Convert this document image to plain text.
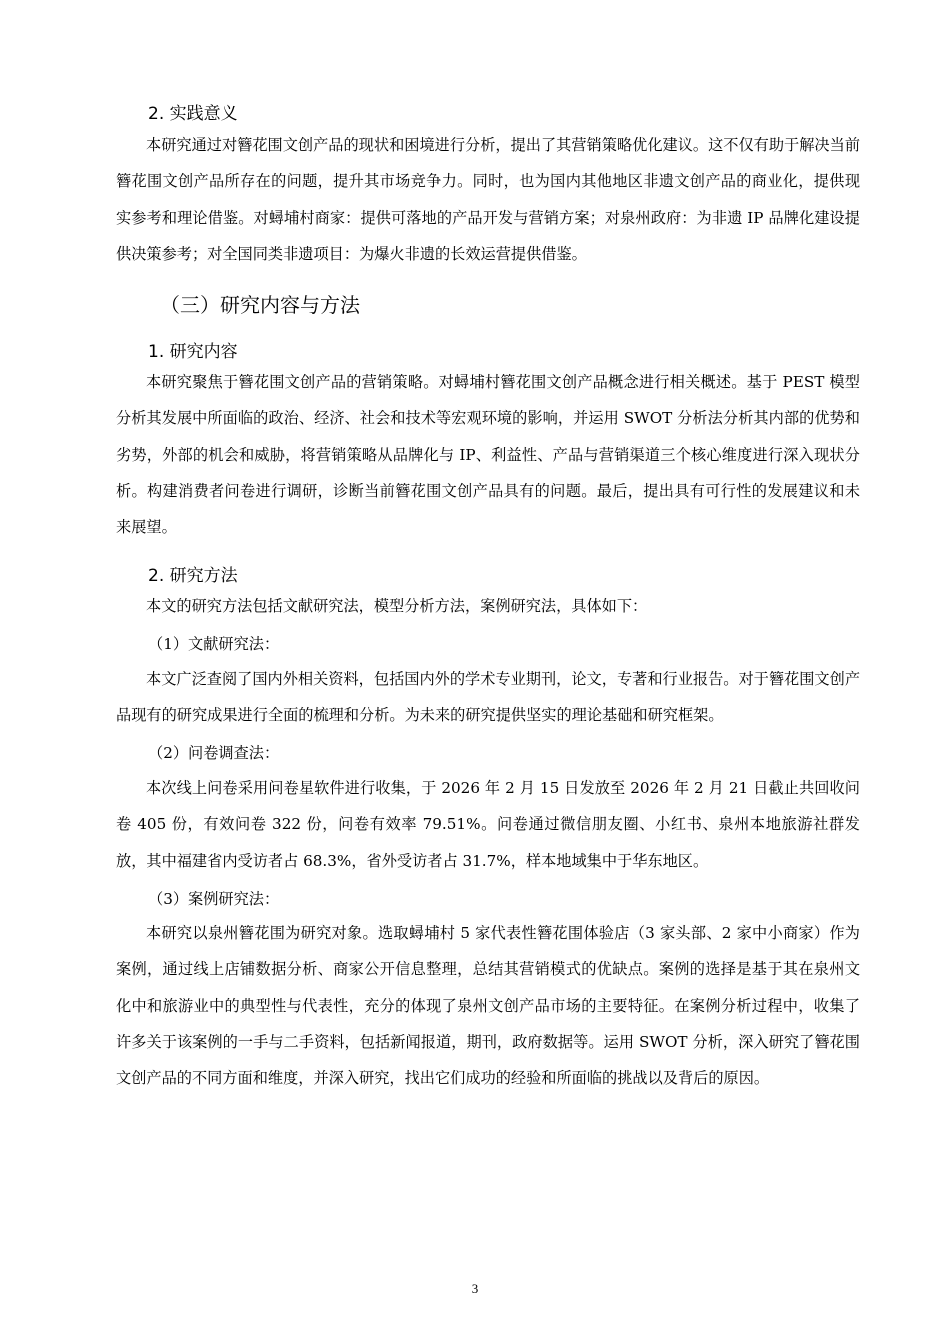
2. 实践意义

本研究通过对簪花围文创产品的现状和困境进行分析，提出了其营销策略优化建议。这不仅有助于解决当前簪花围文创产品所存在的问题，提升其市场竞争力。同时，也为国内其他地区非遗文创产品的商业化，提供现实参考和理论借鉴。对蟳埔村商家：提供可落地的产品开发与营销方案；对泉州政府：为非遗 IP 品牌化建设提供决策参考；对全国同类非遗项目：为爆火非遗的长效运营提供借鉴。

（三）研究内容与方法
1. 研究内容

本研究聚焦于簪花围文创产品的营销策略。对蟳埔村簪花围文创产品概念进行相关概述。基于 PEST 模型分析其发展中所面临的政治、经济、社会和技术等宏观环境的影响，并运用 SWOT 分析法分析其内部的优势和劣势，外部的机会和威胁，将营销策略从品牌化与 IP、利益性、产品与营销渠道三个核心维度进行深入现状分析。构建消费者问卷进行调研，诊断当前簪花围文创产品具有的问题。最后，提出具有可行性的发展建议和未来展望。

2. 研究方法

本文的研究方法包括文献研究法，模型分析方法，案例研究法，具体如下：

（1）文献研究法：

本文广泛查阅了国内外相关资料，包括国内外的学术专业期刊，论文，专著和行业报告。对于簪花围文创产品现有的研究成果进行全面的梳理和分析。为未来的研究提供坚实的理论基础和研究框架。

（2）问卷调查法：

本次线上问卷采用问卷星软件进行收集，于 2026 年 2 月 15 日发放至 2026 年 2 月 21 日截止共回收问卷 405 份，有效问卷 322 份，问卷有效率 79.51%。问卷通过微信朋友圈、小红书、泉州本地旅游社群发放，其中福建省内受访者占 68.3%，省外受访者占 31.7%，样本地域集中于华东地区。

（3）案例研究法：

本研究以泉州簪花围为研究对象。选取蟳埔村 5 家代表性簪花围体验店（3 家头部、2 家中小商家）作为案例，通过线上店铺数据分析、商家公开信息整理，总结其营销模式的优缺点。案例的选择是基于其在泉州文化中和旅游业中的典型性与代表性，充分的体现了泉州文创产品市场的主要特征。在案例分析过程中，收集了许多关于该案例的一手与二手资料，包括新闻报道，期刊，政府数据等。运用 SWOT 分析，深入研究了簪花围文创产品的不同方面和维度，并深入研究，找出它们成功的经验和所面临的挑战以及背后的原因。

3
